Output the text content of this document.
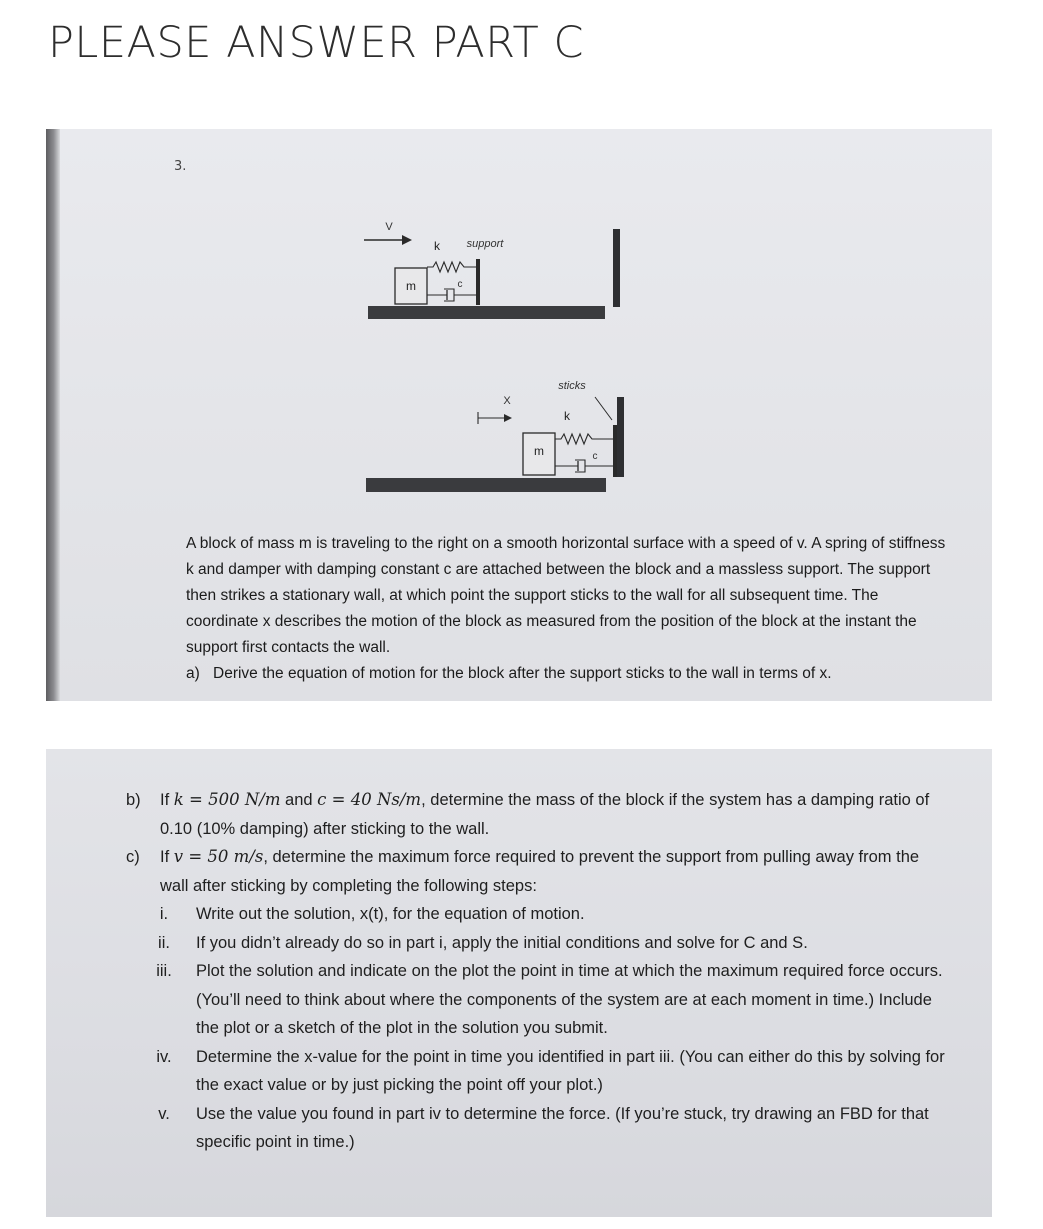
PLEASE ANSWER PART C
3.
V
m
k
c
support
X
m
sticks
k
c

A block of mass m is traveling to the right on a smooth horizontal surface with a speed of v. A spring of stiffness k and damper with damping constant c are attached between the block and a massless support. The support then strikes a stationary wall, at which point the support sticks to the wall for all subsequent time. The coordinate x describes the motion of the block as measured from the position of the block at the instant the support first contacts the wall.

a) Derive the equation of motion for the block after the support sticks to the wall in terms of x.

b) If k = 500 N/m and c = 40 Ns/m, determine the mass of the block if the system has a damping ratio of 0.10 (10% damping) after sticking to the wall.
c) If v = 50 m/s, determine the maximum force required to prevent the support from pulling away from the wall after sticking by completing the following steps:
i.	Write out the solution, x(t), for the equation of motion.
ii.	If you didn’t already do so in part i, apply the initial conditions and solve for C and S.
iii.	Plot the solution and indicate on the plot the point in time at which the maximum required force occurs. (You’ll need to think about where the components of the system are at each moment in time.) Include the plot or a sketch of the plot in the solution you submit.
iv.	Determine the x-value for the point in time you identified in part iii. (You can either do this by solving for the exact value or by just picking the point off your plot.)
v.	Use the value you found in part iv to determine the force. (If you’re stuck, try drawing an FBD for that specific point in time.)
